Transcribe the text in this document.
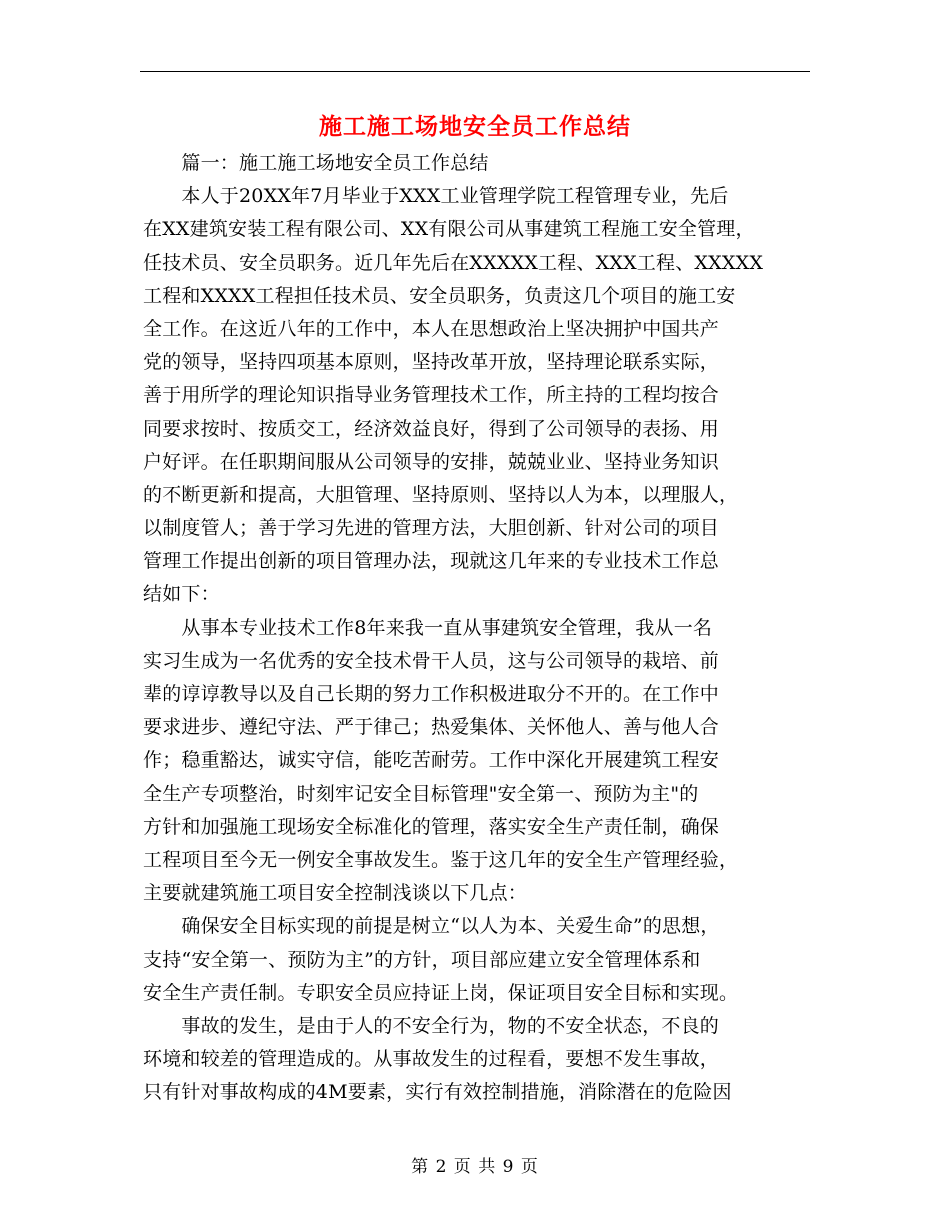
施工施工场地安全员工作总结
　　篇一：施工施工场地安全员工作总结
　　本人于20XX年7月毕业于XXX工业管理学院工程管理专业，先后
在XX建筑安装工程有限公司、XX有限公司从事建筑工程施工安全管理，
任技术员、安全员职务。近几年先后在XXXXX工程、XXX工程、XXXXX
工程和XXXX工程担任技术员、安全员职务，负责这几个项目的施工安
全工作。在这近八年的工作中，本人在思想政治上坚决拥护中国共产
党的领导，坚持四项基本原则，坚持改革开放，坚持理论联系实际，
善于用所学的理论知识指导业务管理技术工作，所主持的工程均按合
同要求按时、按质交工，经济效益良好，得到了公司领导的表扬、用
户好评。在任职期间服从公司领导的安排，兢兢业业、坚持业务知识
的不断更新和提高，大胆管理、坚持原则、坚持以人为本，以理服人，
以制度管人；善于学习先进的管理方法，大胆创新、针对公司的项目
管理工作提出创新的项目管理办法，现就这几年来的专业技术工作总
结如下：
　　从事本专业技术工作8年来我一直从事建筑安全管理，我从一名
实习生成为一名优秀的安全技术骨干人员，这与公司领导的栽培、前
辈的谆谆教导以及自己长期的努力工作积极进取分不开的。在工作中
要求进步、遵纪守法、严于律己；热爱集体、关怀他人、善与他人合
作；稳重豁达，诚实守信，能吃苦耐劳。工作中深化开展建筑工程安
全生产专项整治，时刻牢记安全目标管理"安全第一、预防为主"的
方针和加强施工现场安全标准化的管理，落实安全生产责任制，确保
工程项目至今无一例安全事故发生。鉴于这几年的安全生产管理经验，
主要就建筑施工项目安全控制浅谈以下几点：
　　确保安全目标实现的前提是树立“以人为本、关爱生命”的思想，
支持“安全第一、预防为主”的方针，项目部应建立安全管理体系和
安全生产责任制。专职安全员应持证上岗，保证项目安全目标和实现。
　　事故的发生，是由于人的不安全行为，物的不安全状态，不良的
环境和较差的管理造成的。从事故发生的过程看，要想不发生事故，
只有针对事故构成的4M要素，实行有效控制措施，消除潜在的危险因
第 2 页 共 9 页
